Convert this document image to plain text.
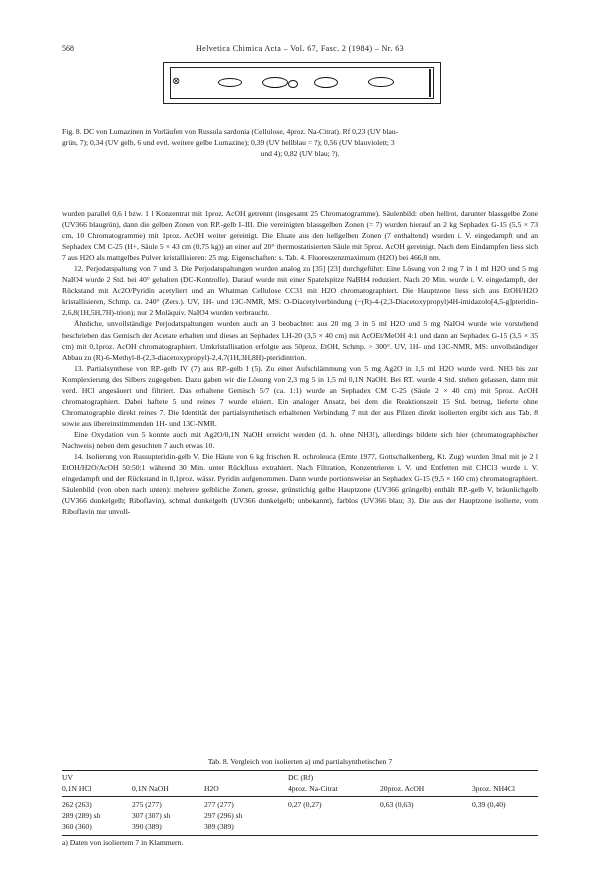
568	Helvetica Chimica Acta – Vol. 67, Fasc. 2 (1984) – Nr. 63
⊗
Fig. 8. DC von Lumazinen in Vorläufen von Russula sardonia (Cellulose, 4proz. Na-Citrat). Rf 0,23 (UV blau-
grün, 7); 0,34 (UV gelb, 6 und evtl. weitere gelbe Lumazine); 0,39 (UV hellblau = ?); 0,56 (UV blauviolett; 3
und 4); 0,82 (UV blau; ?).

wurden parallel 0,6 l bzw. 1 l Konzentrat mit 1proz. AcOH getrennt (insgesamt 25 Chromatogramme). Säulenbild: oben hellrot, darunter blassgelbe Zone (UV366 blaugrün), dann die gelben Zonen von RP.-gelb I–III. Die vereinigten blassgelben Zonen (= 7) wurden hierauf an 2 kg Sephadex G-15 (5,5 × 73 cm, 10 Chromatogramme) mit 1proz. AcOH weiter gereinigt. Die Eluate aus den hellgelben Zonen (7 enthaltend) wurden i. V. eingedampft und an Sephadex CM C-25 (H+, Säule 5 × 43 cm (0,75 kg)) an einer auf 20° thermostatisierten Säule mit 5proz. AcOH gereinigt. Nach dem Eindampfen liess sich 7 aus H2O als mattgelbes Pulver kristallisieren: 25 mg. Eigenschaften: s. Tab. 4. Fluoreszenzmaximum (H2O) bei 466,8 nm.

12. Perjodatspaltung von 7 und 3. Die Perjodatspaltungen wurden analog zu [35] [23] durchgeführt: Eine Lösung von 2 mg 7 in 1 ml H2O und 5 mg NaIO4 wurde 2 Std. bei 40° gehalten (DC-Kontrolle). Darauf wurde mit einer Spatelspitze NaBH4 reduziert. Nach 20 Min. wurde i. V. eingedampft, der Rückstand mit Ac2O/Pyridin acetyliert und an Whatman Cellulose CC31 mit H2O chromatographiert. Die Hauptzone liess sich aus EtOH/H2O kristallisieren, Schmp. ca. 240° (Zers.). UV, 1H- und 13C-NMR, MS: O-Diacetylverbindung (−(R)-4-(2,3-Diacetoxypropyl)4H-imidazolo[4,5-g]pteridin-2,6,8(1H,5H,7H)-trion); nur 2 Moläquiv. NaIO4 wurden verbraucht.

Ähnliche, unvollständige Perjodatspaltungen wurden auch an 3 beobachtet: aus 20 mg 3 in 5 ml H2O und 5 mg NaIO4 wurde wie vorstehend beschrieben das Gemisch der Acetate erhalten und dieses an Sephadex LH-20 (3,5 × 40 cm) mit AcOEt/MeOH 4:1 und dann an Sephadex G-15 (3,5 × 35 cm) mit 0,1proz. AcOH chromatographiert. Umkristallisation erfolgte aus 50proz. EtOH, Schmp. > 300°. UV, 1H- und 13C-NMR, MS: unvollständiger Abbau zu (R)-6-Methyl-8-(2,3-diacetoxypropyl)-2,4,7(1H,3H,8H)-pteridintrion.

13. Partialsynthese von RP.-gelb IV (7) aus RP.-gelb I (5). Zu einer Aufschlämmung von 5 mg Ag2O in 1,5 ml H2O wurde verd. NH3 bis zur Komplexierung des Silbers zugegeben. Dazu gaben wir die Lösung von 2,3 mg 5 in 1,5 ml 0,1N NaOH. Bei RT. wurde 4 Std. stehen gelassen, dann mit verd. HCl angesäuert und filtriert. Das erhaltene Gemisch 5/7 (ca. 1:1) wurde an Sephadex CM C-25 (Säule 2 × 40 cm) mit 5proz. AcOH chromatographiert. Dabei haftete 5 und reines 7 wurde eluiert. Ein analoger Ansatz, bei dem die Reaktionszeit 15 Std. betrug, lieferte ohne Chromatographie direkt reines 7. Die Identität der partialsynthetisch erhaltenen Verbindung 7 mit der aus Pilzen direkt isolierten ergibt sich aus Tab. 8 sowie aus übereinstimmenden 1H- und 13C-NMR.

Eine Oxydation von 5 konnte auch mit Ag2O/0,1N NaOH erreicht werden (d. h. ohne NH3!), allerdings bildete sich hier (chromatographischer Nachweis) neben dem gesuchten 7 auch etwas 10.

14. Isolierung von Russupteridin-gelb V. Die Häute von 6 kg frischen R. ochroleuca (Ernte 1977, Gottschalkenberg, Kt. Zug) wurden 3mal mit je 2 l EtOH/H2O/AcOH 50:50:1 während 30 Min. unter Rückfluss extrahiert. Nach Filtration, Konzentrieren i. V. und Entfetten mit CHCl3 wurde i. V. eingedampft und der Rückstand in 0,1proz. wässr. Pyridin aufgenommen. Dann wurde portionsweise an Sephadex G-15 (9,5 × 160 cm) chromatographiert. Säulenbild (von oben nach unten): mehrere gelbliche Zonen, grosse, grünstichig gelbe Hauptzone (UV366 grüngelb) enthält RP.-gelb V, bräunlichgelb (UV366 dunkelgelb; Riboflavin), schmal dunkelgelb (UV366 dunkelgelb; unbekannt), farblos (UV366 blau; 3). Die aus der Hauptzone isolierte, vom Riboflavin nur unvoll-

Tab. 8. Vergleich von isolierten a) und partialsynthetischen 7
UV	DC (Rf)
0,1N HCl	0,1N NaOH	H2O	4proz. Na-Citrat	20proz. AcOH	3proz. NH4Cl
262 (263)	275 (277)	277 (277)	0,27 (0,27)	0,63 (0,63)	0,39 (0,40)
289 (289) sh	307 (307) sh	297 (296) sh
360 (360)	390 (389)	389 (389)
a) Daten von isoliertem 7 in Klammern.
